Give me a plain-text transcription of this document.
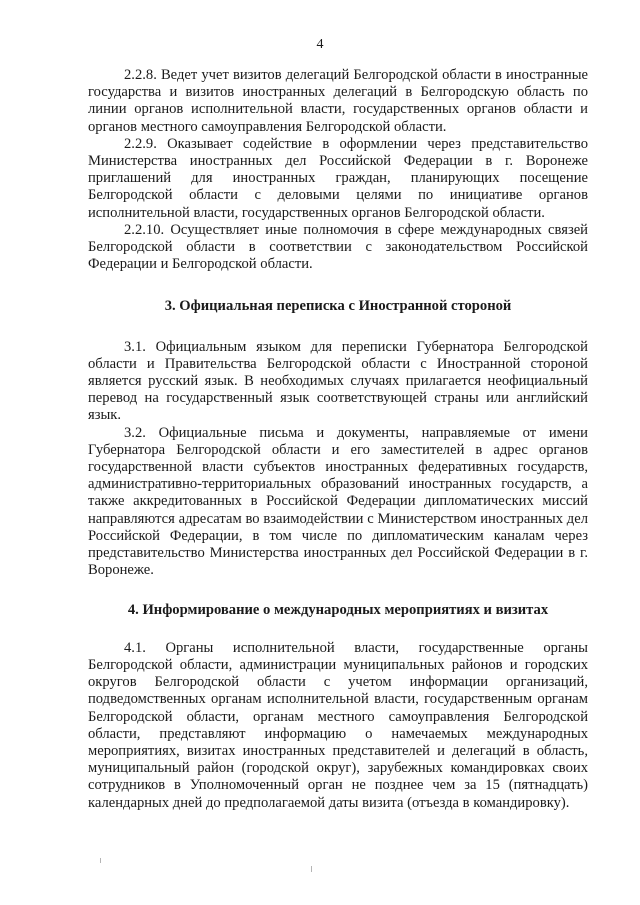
4

2.2.8. Ведет учет визитов делегаций Белгородской области в иностранные государства и визитов иностранных делегаций в Белгородскую область по линии органов исполнительной власти, государственных органов области и органов местного самоуправления Белгородской области.

2.2.9. Оказывает содействие в оформлении через представительство Министерства иностранных дел Российской Федерации в г. Воронеже приглашений для иностранных граждан, планирующих посещение Белгородской области с деловыми целями по инициативе органов исполнительной власти, государственных органов Белгородской области.

2.2.10. Осуществляет иные полномочия в сфере международных связей Белгородской области в соответствии с законодательством Российской Федерации и Белгородской области.

3. Официальная переписка с Иностранной стороной

3.1. Официальным языком для переписки Губернатора Белгородской области и Правительства Белгородской области с Иностранной стороной является русский язык. В необходимых случаях прилагается неофициальный перевод на государственный язык соответствующей страны или английский язык.

3.2. Официальные письма и документы, направляемые от имени Губернатора Белгородской области и его заместителей в адрес органов государственной власти субъектов иностранных федеративных государств, административно-территориальных образований иностранных государств, а также аккредитованных в Российской Федерации дипломатических миссий направляются адресатам во взаимодействии с Министерством иностранных дел Российской Федерации, в том числе по дипломатическим каналам через представительство Министерства иностранных дел Российской Федерации в г. Воронеже.

4. Информирование о международных мероприятиях и визитах

4.1. Органы исполнительной власти, государственные органы Белгородской области, администрации муниципальных районов и городских округов Белгородской области с учетом информации организаций, подведомственных органам исполнительной власти, государственным органам Белгородской области, органам местного самоуправления Белгородской области, представляют информацию о намечаемых международных мероприятиях, визитах иностранных представителей и делегаций в область, муниципальный район (городской округ), зарубежных командировках своих сотрудников в Уполномоченный орган не позднее чем за 15 (пятнадцать) календарных дней до предполагаемой даты визита (отъезда в командировку).
